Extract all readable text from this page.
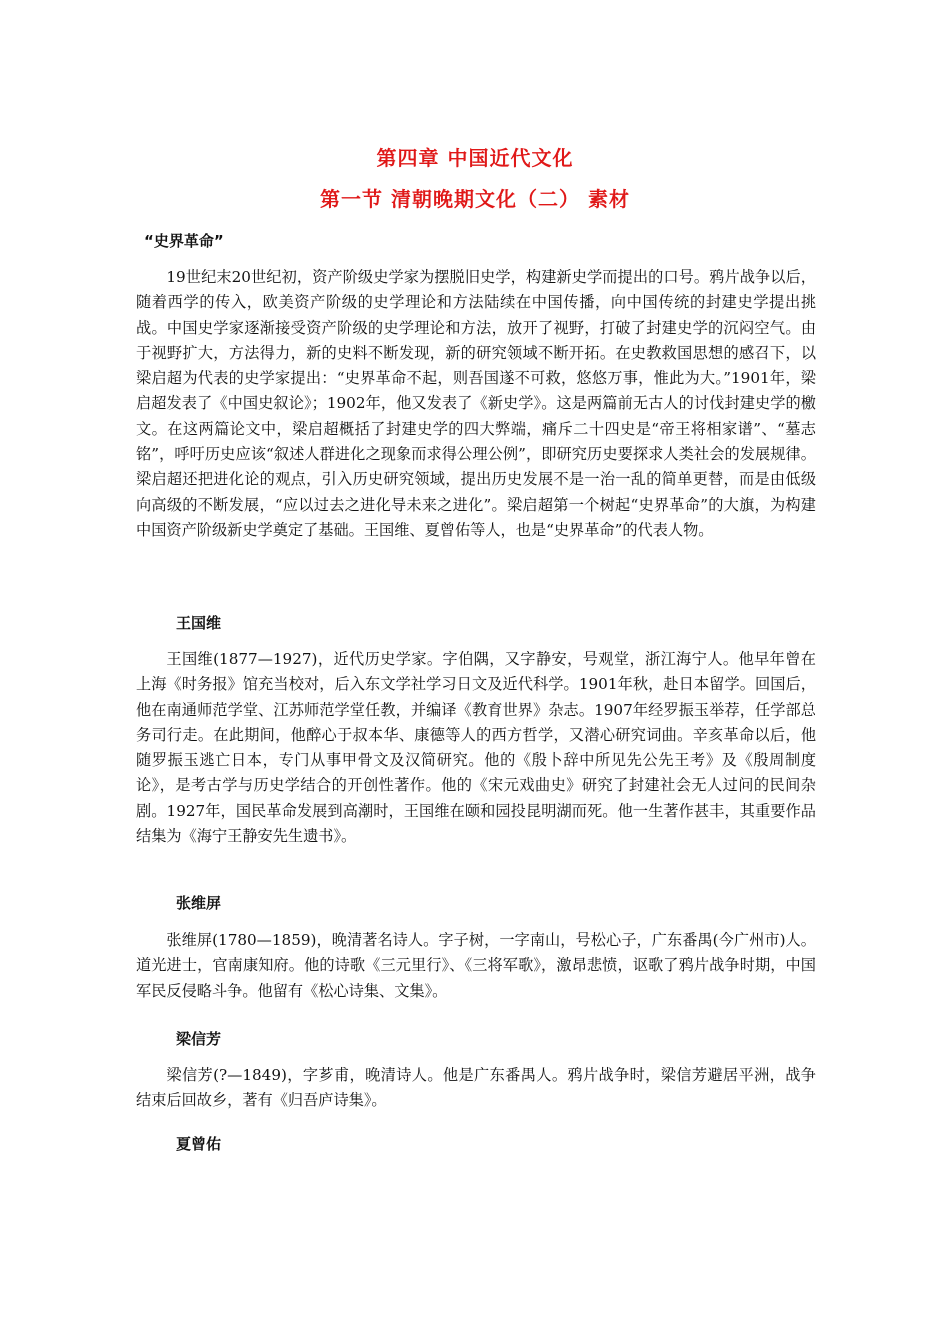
第四章 中国近代文化
第一节 清朝晚期文化（二） 素材
“史界革命”
19世纪末20世纪初，资产阶级史学家为摆脱旧史学，构建新史学而提出的口号。鸦片战争以后，随着西学的传入，欧美资产阶级的史学理论和方法陆续在中国传播，向中国传统的封建史学提出挑战。中国史学家逐渐接受资产阶级的史学理论和方法，放开了视野，打破了封建史学的沉闷空气。由于视野扩大，方法得力，新的史料不断发现，新的研究领域不断开拓。在史教救国思想的感召下，以梁启超为代表的史学家提出：“史界革命不起，则吾国遂不可救，悠悠万事，惟此为大。”1901年，梁启超发表了《中国史叙论》；1902年，他又发表了《新史学》。这是两篇前无古人的讨伐封建史学的檄文。在这两篇论文中，梁启超概括了封建史学的四大弊端，痛斥二十四史是“帝王将相家谱”、“墓志铭”，呼吁历史应该“叙述人群进化之现象而求得公理公例”，即研究历史要探求人类社会的发展规律。梁启超还把进化论的观点，引入历史研究领域，提出历史发展不是一治一乱的简单更替，而是由低级向高级的不断发展，“应以过去之进化导未来之进化”。梁启超第一个树起“史界革命”的大旗，为构建中国资产阶级新史学奠定了基础。王国维、夏曾佑等人，也是“史界革命”的代表人物。
王国维
王国维(1877—1927)，近代历史学家。字伯隅，又字静安，号观堂，浙江海宁人。他早年曾在上海《时务报》馆充当校对，后入东文学社学习日文及近代科学。1901年秋，赴日本留学。回国后，他在南通师范学堂、江苏师范学堂任教，并编译《教育世界》杂志。1907年经罗振玉举荐，任学部总务司行走。在此期间，他醉心于叔本华、康德等人的西方哲学，又潜心研究词曲。辛亥革命以后，他随罗振玉逃亡日本，专门从事甲骨文及汉简研究。他的《殷卜辞中所见先公先王考》及《殷周制度论》，是考古学与历史学结合的开创性著作。他的《宋元戏曲史》研究了封建社会无人过问的民间杂剧。1927年，国民革命发展到高潮时，王国维在颐和园投昆明湖而死。他一生著作甚丰，其重要作品结集为《海宁王静安先生遗书》。
张维屏
张维屏(1780—1859)，晚清著名诗人。字子树，一字南山，号松心子，广东番禺(今广州市)人。道光进士，官南康知府。他的诗歌《三元里行》、《三将军歌》，激昂悲愤，讴歌了鸦片战争时期，中国军民反侵略斗争。他留有《松心诗集、文集》。
梁信芳
梁信芳(?—1849)，字芗甫，晚清诗人。他是广东番禺人。鸦片战争时，梁信芳避居平洲，战争结束后回故乡，著有《归吾庐诗集》。
夏曾佑
